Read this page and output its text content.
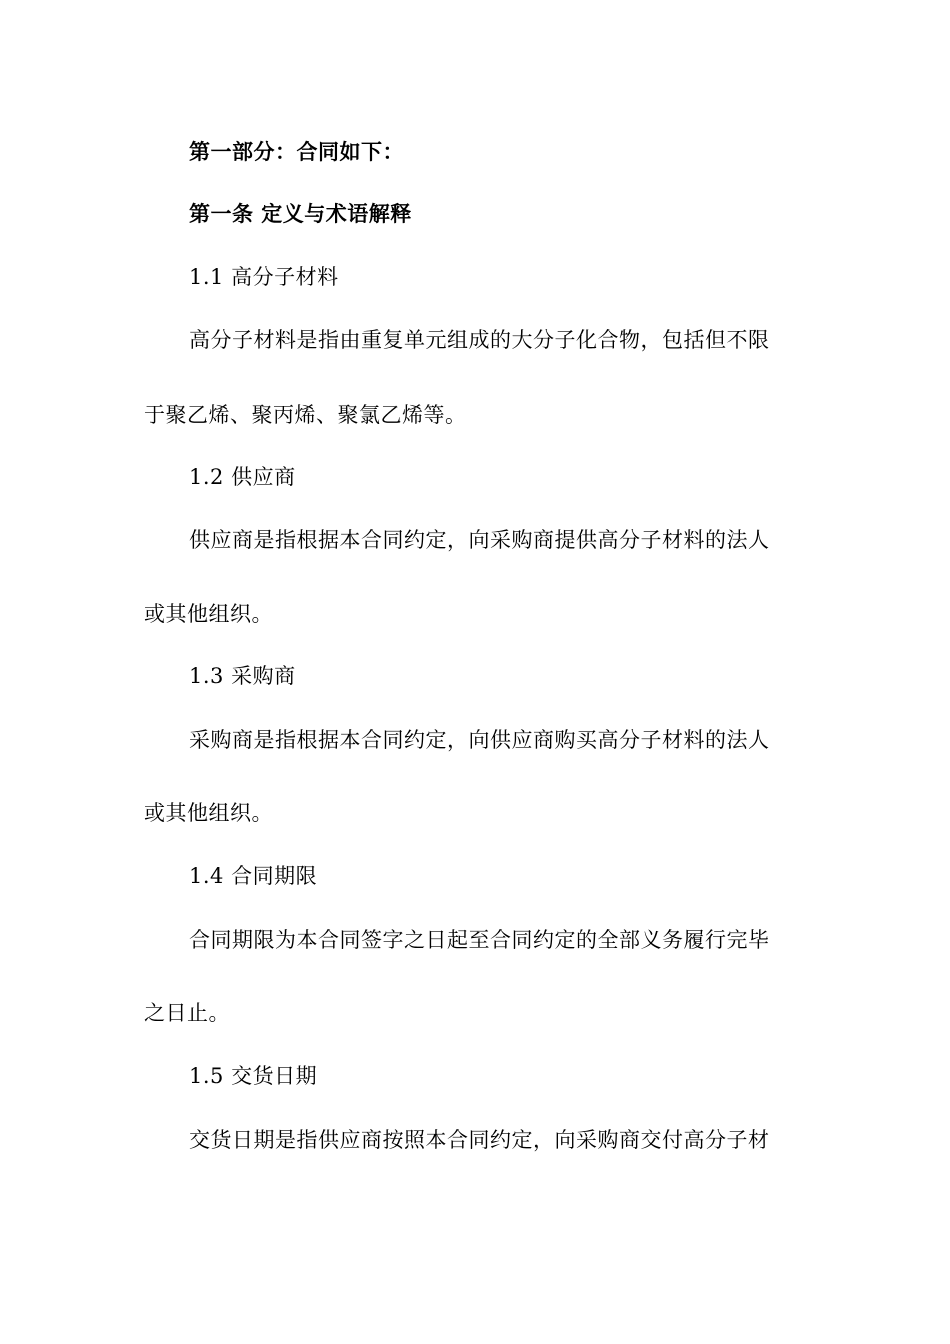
第一部分：合同如下：
第一条 定义与术语解释
1.1 高分子材料
高分子材料是指由重复单元组成的大分子化合物，包括但不限
于聚乙烯、聚丙烯、聚氯乙烯等。
1.2 供应商
供应商是指根据本合同约定，向采购商提供高分子材料的法人
或其他组织。
1.3 采购商
采购商是指根据本合同约定，向供应商购买高分子材料的法人
或其他组织。
1.4 合同期限
合同期限为本合同签字之日起至合同约定的全部义务履行完毕
之日止。
1.5 交货日期
交货日期是指供应商按照本合同约定，向采购商交付高分子材
